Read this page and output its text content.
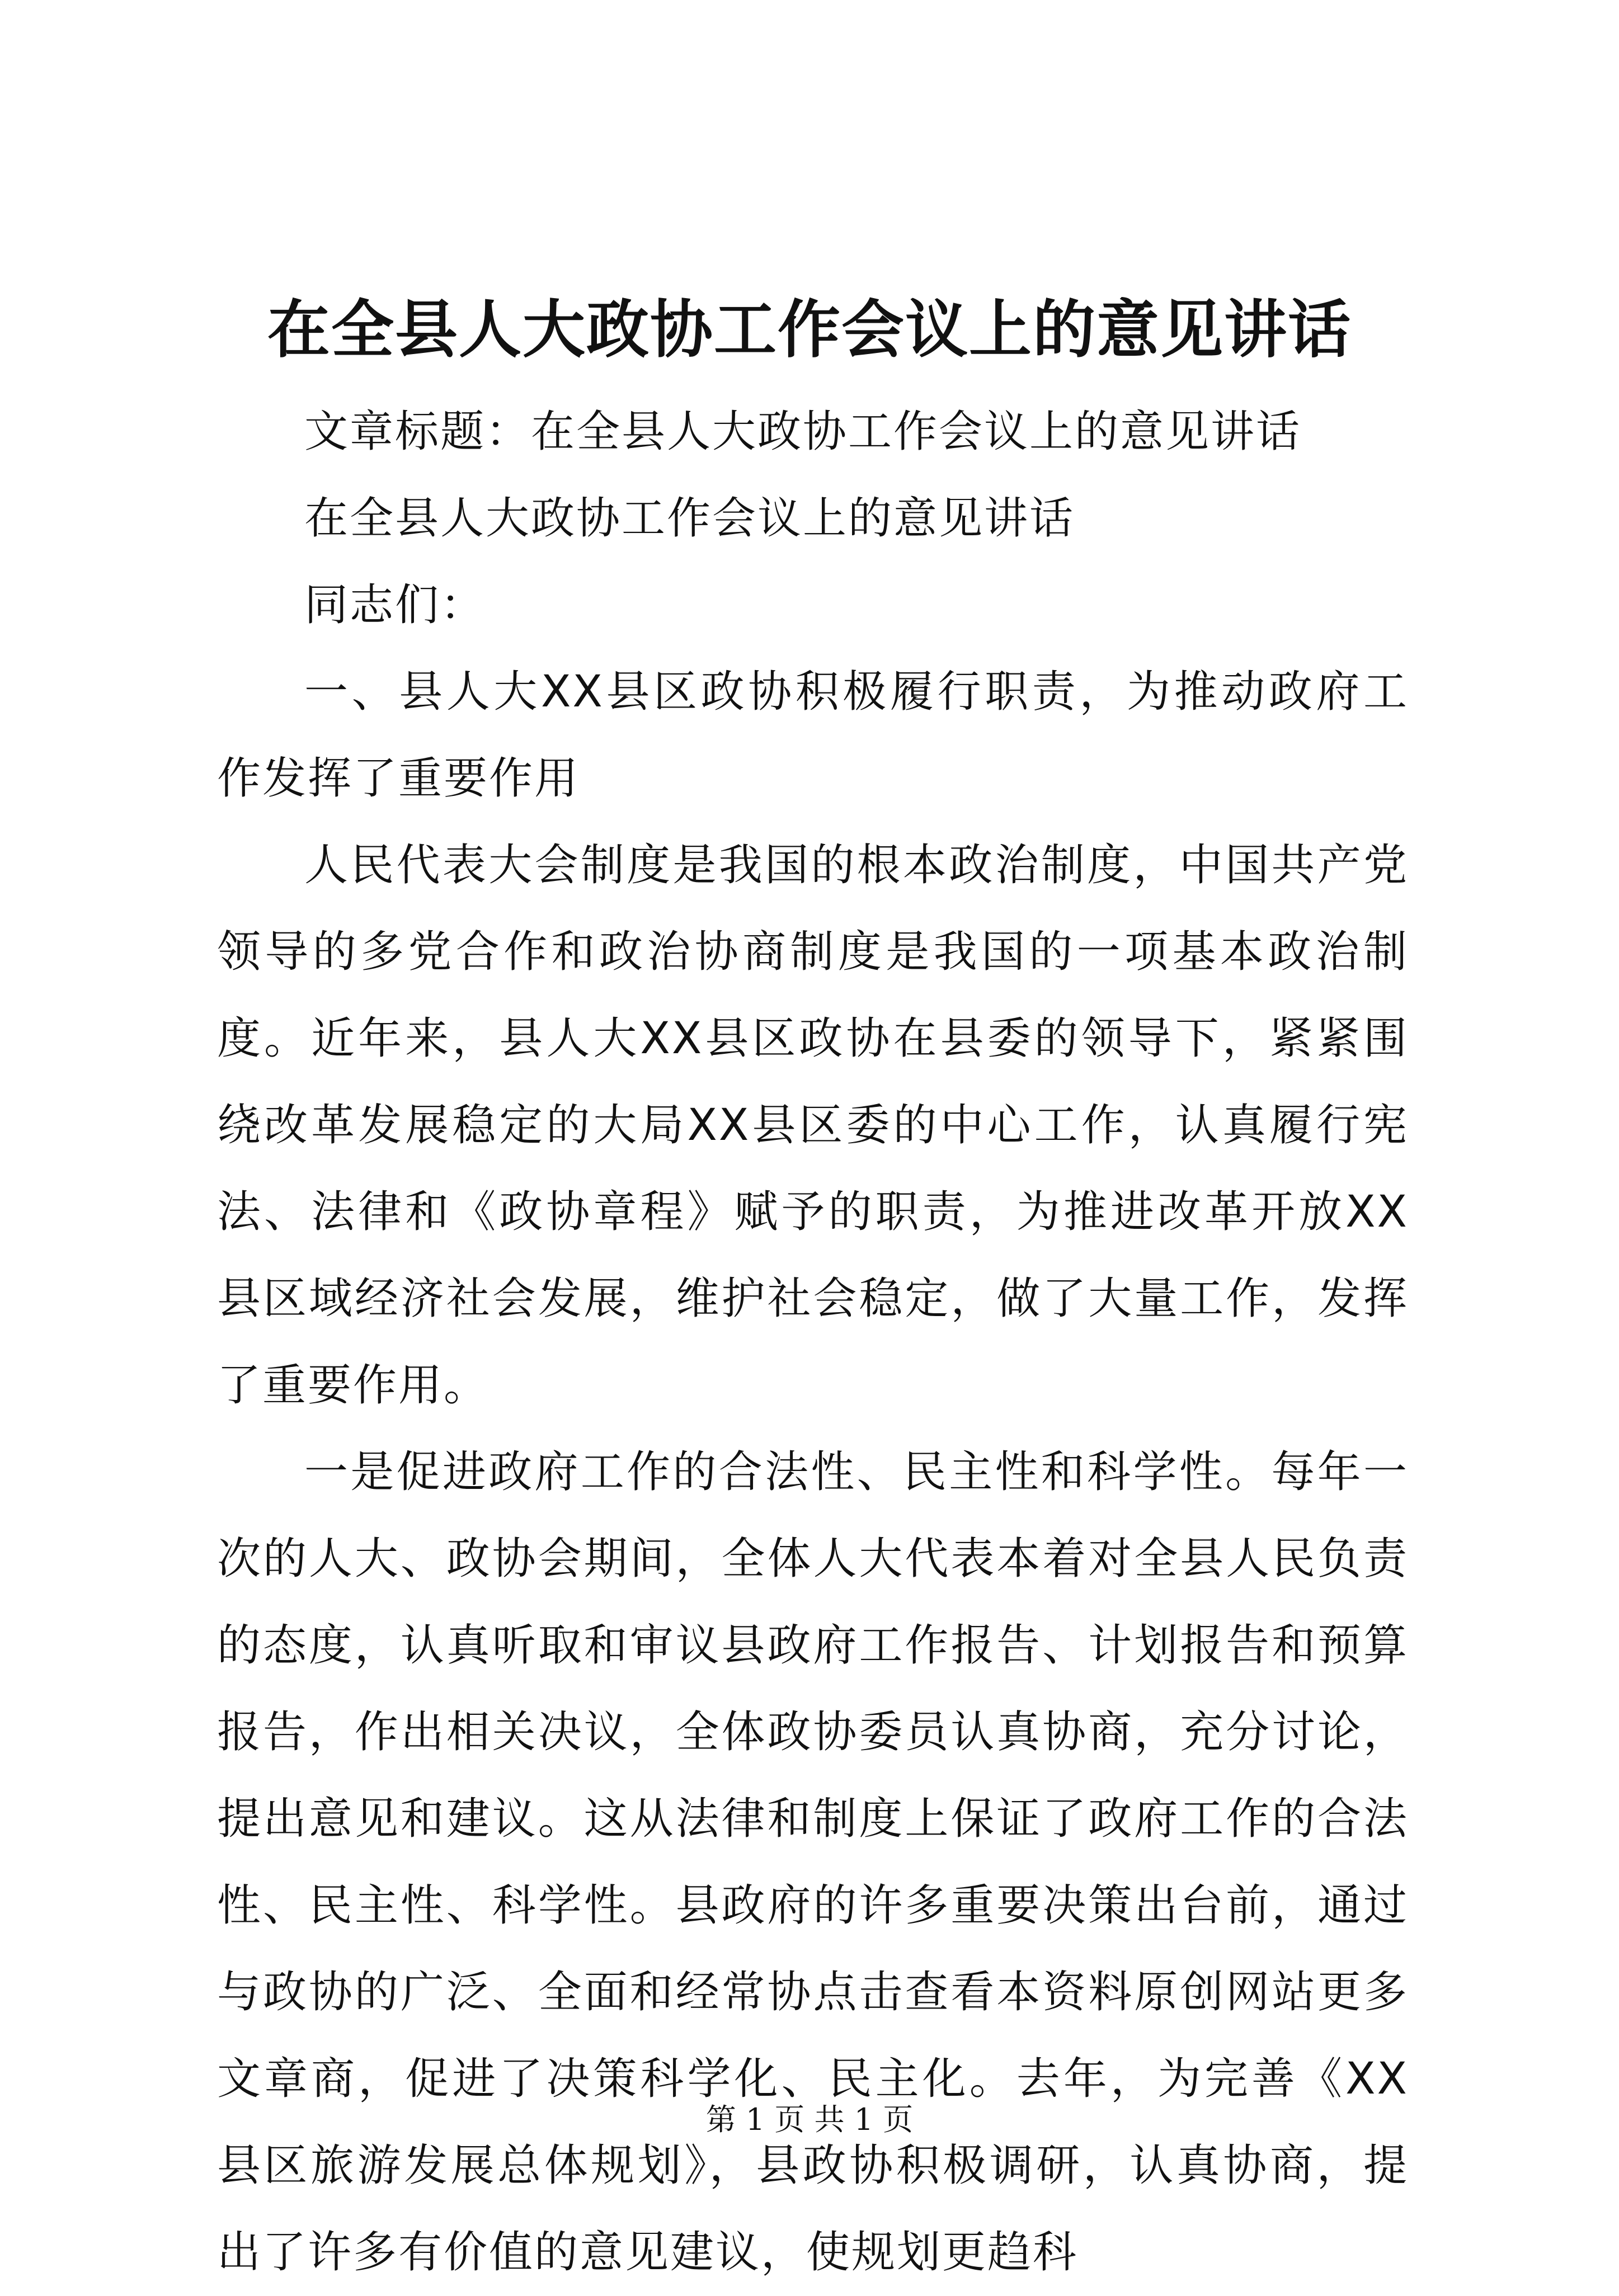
在全县人大政协工作会议上的意见讲话

文章标题：在全县人大政协工作会议上的意见讲话

在全县人大政协工作会议上的意见讲话

同志们：

一、县人大XX县区政协积极履行职责，为推动政府工作发挥了重要作用

人民代表大会制度是我国的根本政治制度，中国共产党领导的多党合作和政治协商制度是我国的一项基本政治制度。近年来，县人大XX县区政协在县委的领导下，紧紧围绕改革发展稳定的大局XX县区委的中心工作，认真履行宪法、法律和《政协章程》赋予的职责，为推进改革开放XX县区域经济社会发展，维护社会稳定，做了大量工作，发挥了重要作用。

一是促进政府工作的合法性、民主性和科学性。每年一次的人大、政协会期间，全体人大代表本着对全县人民负责的态度，认真听取和审议县政府工作报告、计划报告和预算报告，作出相关决议，全体政协委员认真协商，充分讨论，提出意见和建议。这从法律和制度上保证了政府工作的合法性、民主性、科学性。县政府的许多重要决策出台前，通过与政协的广泛、全面和经常协点击查看本资料原创网站更多文章商，促进了决策科学化、民主化。去年，为完善《XX县区旅游发展总体规划》，县政协积极调研，认真协商，提出了许多有价值的意见建议，使规划更趋科

第 1 页 共 1 页
